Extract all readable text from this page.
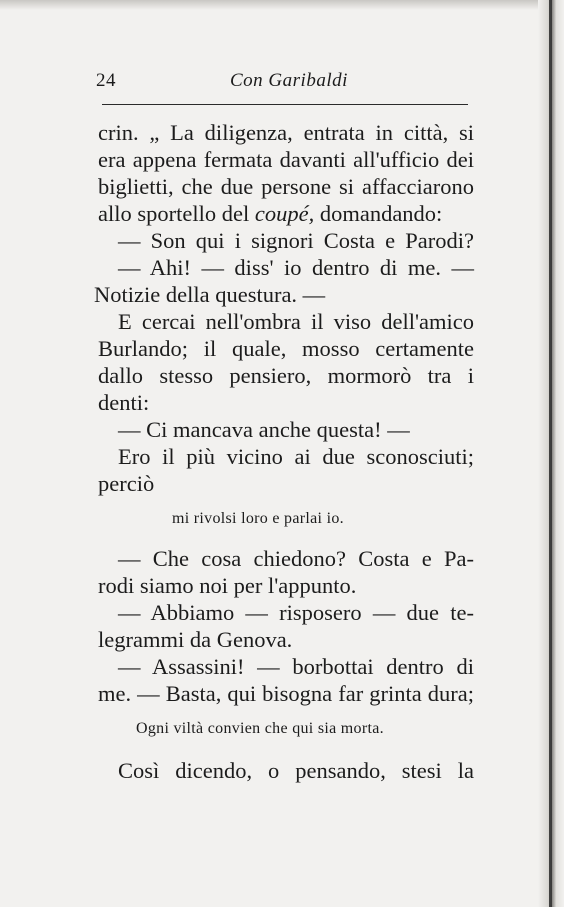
24	Con Garibaldi
crin. „ La diligenza, entrata in città, si
era appena fermata davanti all'ufficio dei
biglietti, che due persone si affacciarono
allo sportello del coupé, domandando:
— Son qui i signori Costa e Parodi?
— Ahi! — diss' io dentro di me. —
Notizie della questura. —
E cercai nell'ombra il viso dell'amico
Burlando; il quale, mosso certamente
dallo stesso pensiero, mormorò tra i
denti:
— Ci mancava anche questa! —
Ero il più vicino ai due sconosciuti;
perciò
mi rivolsi loro e parlai io.
— Che cosa chiedono? Costa e Pa-
rodi siamo noi per l'appunto.
— Abbiamo — risposero — due te-
legrammi da Genova.
— Assassini! — borbottai dentro di
me. — Basta, qui bisogna far grinta dura;
Ogni viltà convien che qui sia morta.
Così dicendo, o pensando, stesi la
